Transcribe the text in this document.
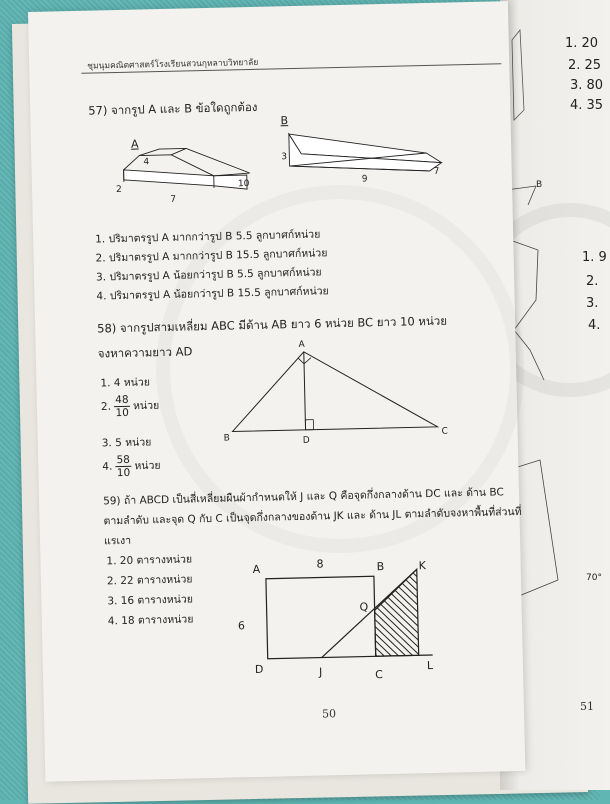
1. 20
2. 25
3. 80
4. 35
B
1. 9
2.
3.
4.
70°
51
ชุมนุมคณิตศาสตร์โรงเรียนสวนกุหลาบวิทยาลัย
57) จากรูป A และ B ข้อใดถูกต้อง
A
B
4
2
7
10
3
9
7
1. ปริมาตรรูป A มากกว่ารูป B 5.5 ลูกบาศก์หน่วย
2. ปริมาตรรูป A มากกว่ารูป B 15.5 ลูกบาศก์หน่วย
3. ปริมาตรรูป A น้อยกว่ารูป B 5.5 ลูกบาศก์หน่วย
4. ปริมาตรรูป A น้อยกว่ารูป B 15.5 ลูกบาศก์หน่วย
58) จากรูปสามเหลี่ยม ABC มีด้าน AB ยาว 6 หน่วย BC ยาว 10 หน่วย
จงหาความยาว AD	A
B
C
D
1. 4 หน่วย
2. $\frac{48}{10}$ หน่วย
3. 5 หน่วย
4. $\frac{58}{10}$ หน่วย
59) ถ้า ABCD เป็นสี่เหลี่ยมผืนผ้ากำหนดให้ J และ Q คือจุดกึ่งกลางด้าน DC และ ด้าน BC
ตามลำดับ และจุด Q กับ C เป็นจุดกึ่งกลางของด้าน JK และ ด้าน JL ตามลำดับจงหาพื้นที่ส่วนที่
แรเงา
1. 20 ตารางหน่วย
2. 22 ตารางหน่วย
3. 16 ตารางหน่วย
4. 18 ตารางหน่วย
A	8	B	K
Q
6
D	J	C
L
50
